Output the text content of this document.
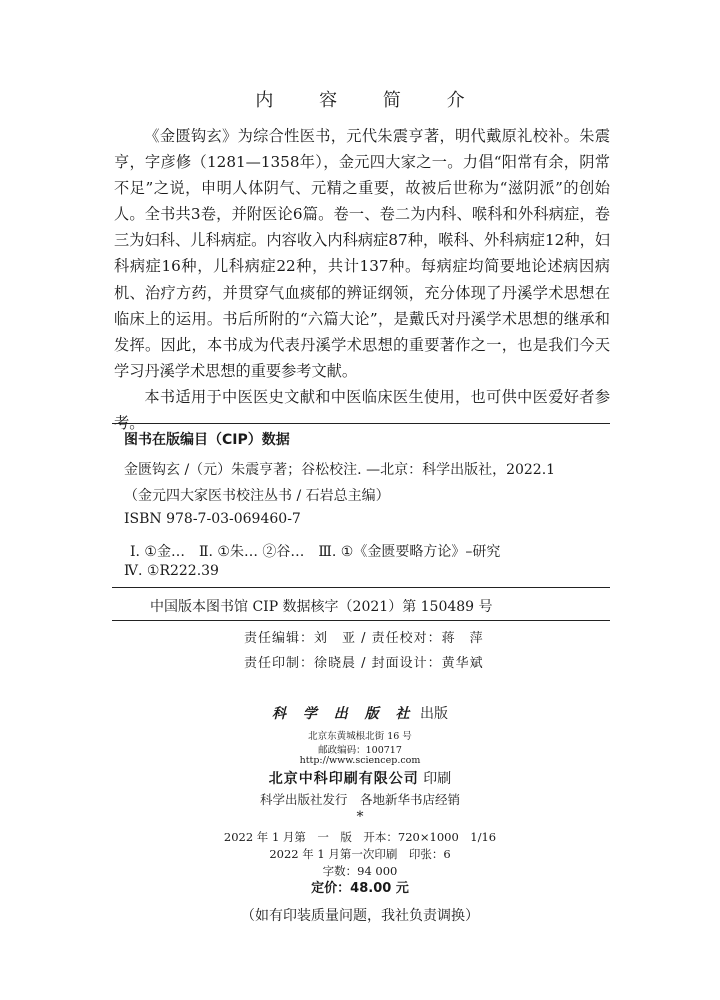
内 容 简 介

《金匮钩玄》为综合性医书，元代朱震亨著，明代戴原礼校补。朱震亨，字彦修（1281—1358年），金元四大家之一。力倡“阳常有余，阴常不足”之说，申明人体阴气、元精之重要，故被后世称为“滋阴派”的创始人。全书共3卷，并附医论6篇。卷一、卷二为内科、喉科和外科病症，卷三为妇科、儿科病症。内容收入内科病症87种，喉科、外科病症12种，妇科病症16种，儿科病症22种，共计137种。每病症均简要地论述病因病机、治疗方药，并贯穿气血痰郁的辨证纲领，充分体现了丹溪学术思想在临床上的运用。书后所附的“六篇大论”，是戴氏对丹溪学术思想的继承和发挥。因此，本书成为代表丹溪学术思想的重要著作之一，也是我们今天学习丹溪学术思想的重要参考文献。

本书适用于中医医史文献和中医临床医生使用，也可供中医爱好者参考。

图书在版编目（CIP）数据
金匮钩玄 /（元）朱震亨著；谷松校注. —北京：科学出版社，2022.1
（金元四大家医书校注丛书 / 石岩总主编）
ISBN 978-7-03-069460-7
Ⅰ. ①金…　Ⅱ. ①朱… ②谷…　Ⅲ. ①《金匮要略方论》–研究
Ⅳ. ①R222.39
中国版本图书馆 CIP 数据核字（2021）第 150489 号
责任编辑：刘　亚 / 责任校对：蒋　萍
责任印制：徐晓晨 / 封面设计：黄华斌
科 学 出 版 社 出版
北京东黄城根北街 16 号
邮政编码：100717
http://www.sciencep.com
北京中科印刷有限公司 印刷
科学出版社发行　各地新华书店经销
*
2022 年 1 月第　一　版　开本：720×1000　1/16
2022 年 1 月第一次印刷　印张：6
字数：94 000
定价：48.00 元
（如有印装质量问题，我社负责调换）
